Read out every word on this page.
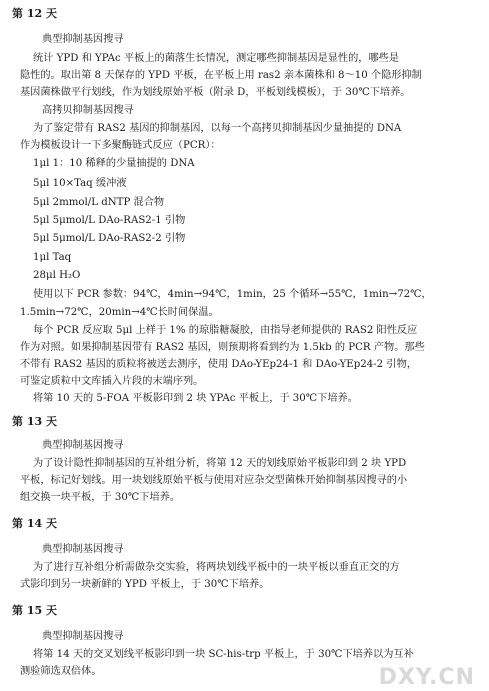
第 12 天
典型抑制基因搜寻
统计 YPD 和 YPAc 平板上的菌落生长情况，测定哪些抑制基因是显性的，哪些是
隐性的。取出第 8 天保存的 YPD 平板，在平板上用 ras2 亲本菌株和 8～10 个隐形抑制
基因菌株做平行划线，作为划线原始平板（附录 D，平板划线模板），于 30℃下培养。
高拷贝抑制基因搜寻
为了鉴定带有 RAS2 基因的抑制基因，以每一个高拷贝抑制基因少量抽提的 DNA
作为模板设计一下多聚酶链式反应（PCR）：
1μl 1：10 稀释的少量抽提的 DNA
5μl 10×Taq 缓冲液
5μl 2mmol/L dNTP 混合物
5μl 5μmol/L DAo-RAS2-1 引物
5μl 5μmol/L DAo-RAS2-2 引物
1μl Taq
28μl H₂O
使用以下 PCR 参数：94℃，4min→94℃，1min，25 个循环→55℃，1min→72℃，
1.5min→72℃，20min→4℃长时间保温。
每个 PCR 反应取 5μl 上样于 1% 的琼脂糖凝胶，由指导老师提供的 RAS2 阳性反应
作为对照。如果抑制基因带有 RAS2 基因，则预期将看到约为 1.5kb 的 PCR 产物。那些
不带有 RAS2 基因的质粒将被送去测序，使用 DAo-YEp24-1 和 DAo-YEp24-2 引物，
可鉴定质粒中文库插入片段的末端序列。
将第 10 天的 5-FOA 平板影印到 2 块 YPAc 平板上，于 30℃下培养。
第 13 天
典型抑制基因搜寻
为了设计隐性抑制基因的互补组分析，将第 12 天的划线原始平板影印到 2 块 YPD
平板，标记好划线。用一块划线原始平板与使用对应杂交型菌株开始抑制基因搜寻的小
组交换一块平板，于 30℃下培养。
第 14 天
典型抑制基因搜寻
为了进行互补组分析需做杂交实验，将两块划线平板中的一块平板以垂直正交的方
式影印到另一块新鲜的 YPD 平板上，于 30℃下培养。
第 15 天
典型抑制基因搜寻
将第 14 天的交叉划线平板影印到一块 SC-his-trp 平板上，于 30℃下培养以为互补
测验筛选双倍体。	DXY.CN
